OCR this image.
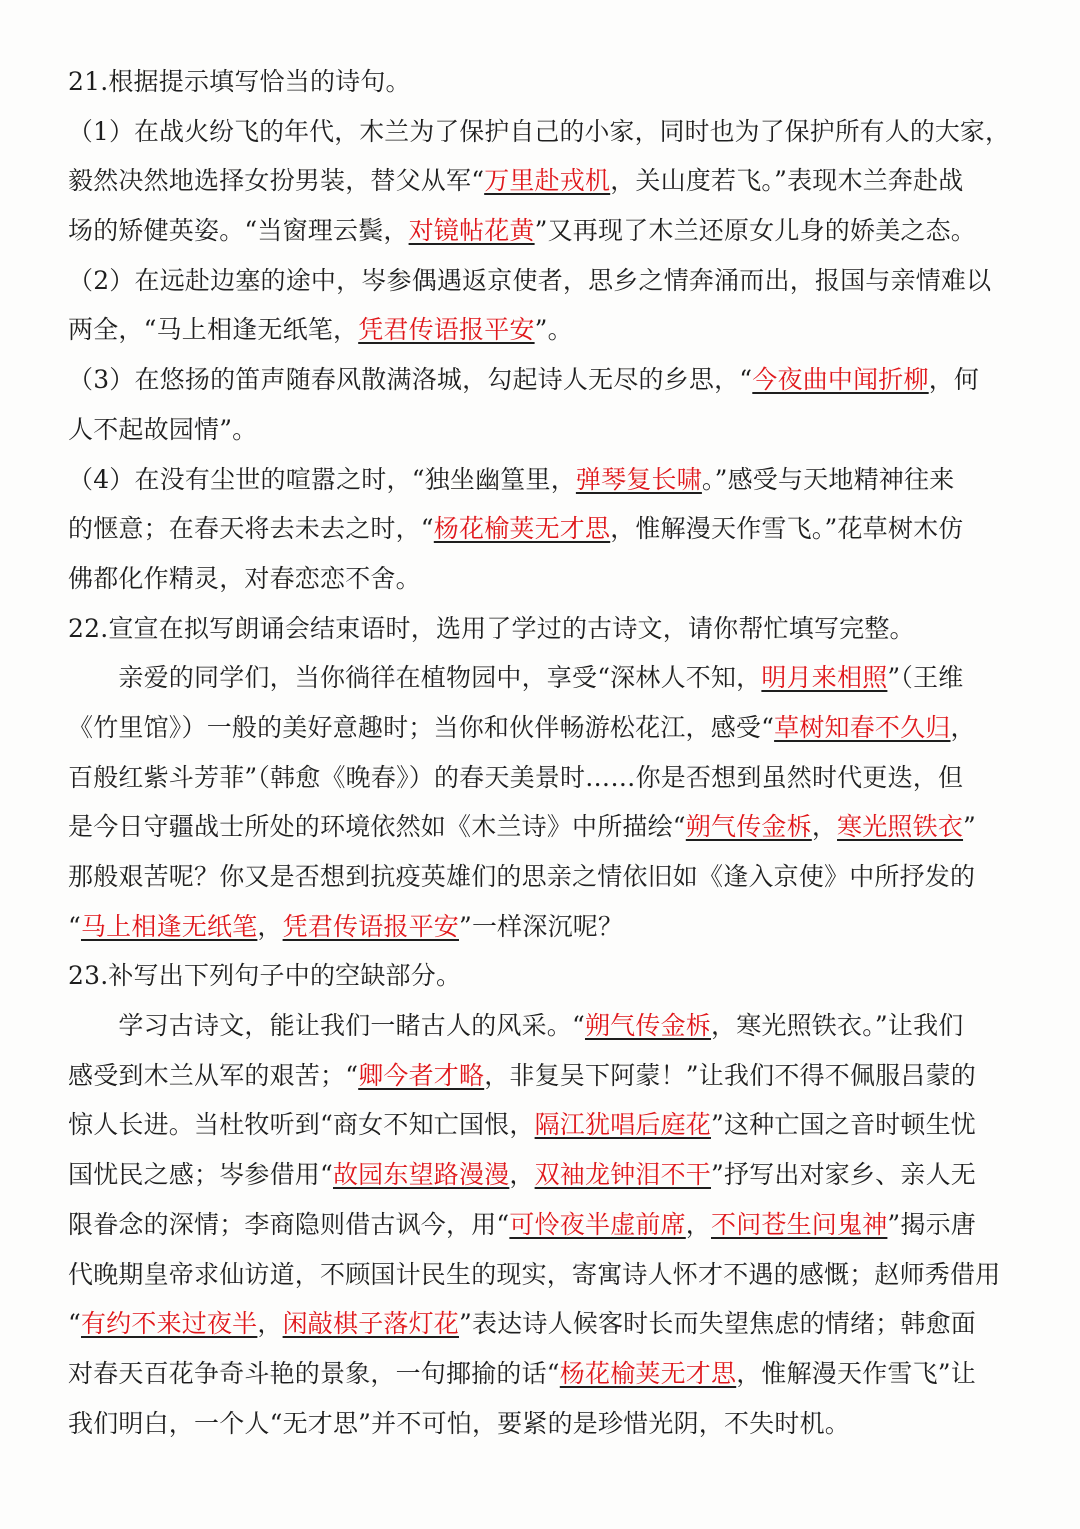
21.根据提示填写恰当的诗句。
（1）在战火纷飞的年代，木兰为了保护自己的小家，同时也为了保护所有人的大家，
毅然决然地选择女扮男装，替父从军“万里赴戎机，关山度若飞。”表现木兰奔赴战
场的矫健英姿。“当窗理云鬓，对镜帖花黄”又再现了木兰还原女儿身的娇美之态。
（2）在远赴边塞的途中，岑参偶遇返京使者，思乡之情奔涌而出，报国与亲情难以
两全，“马上相逢无纸笔，凭君传语报平安”。
（3）在悠扬的笛声随春风散满洛城，勾起诗人无尽的乡思，“今夜曲中闻折柳，何
人不起故园情”。
（4）在没有尘世的喧嚣之时，“独坐幽篁里，弹琴复长啸。”感受与天地精神往来
的惬意；在春天将去未去之时，“杨花榆荚无才思，惟解漫天作雪飞。”花草树木仿
佛都化作精灵，对春恋恋不舍。
22.宣宣在拟写朗诵会结束语时，选用了学过的古诗文，请你帮忙填写完整。
　　亲爱的同学们，当你徜徉在植物园中，享受“深林人不知，明月来相照”（王维
《竹里馆》）一般的美好意趣时；当你和伙伴畅游松花江，感受“草树知春不久归，
百般红紫斗芳菲”（韩愈《晚春》）的春天美景时……你是否想到虽然时代更迭，但
是今日守疆战士所处的环境依然如《木兰诗》中所描绘“朔气传金柝，寒光照铁衣”
那般艰苦呢？你又是否想到抗疫英雄们的思亲之情依旧如《逢入京使》中所抒发的
“马上相逢无纸笔，凭君传语报平安”一样深沉呢？
23.补写出下列句子中的空缺部分。
　　学习古诗文，能让我们一睹古人的风采。“朔气传金柝，寒光照铁衣。”让我们
感受到木兰从军的艰苦；“卿今者才略，非复吴下阿蒙！”让我们不得不佩服吕蒙的
惊人长进。当杜牧听到“商女不知亡国恨，隔江犹唱后庭花”这种亡国之音时顿生忧
国忧民之感；岑参借用“故园东望路漫漫，双袖龙钟泪不干”抒写出对家乡、亲人无
限眷念的深情；李商隐则借古讽今，用“可怜夜半虚前席，不问苍生问鬼神”揭示唐
代晚期皇帝求仙访道，不顾国计民生的现实，寄寓诗人怀才不遇的感慨；赵师秀借用
“有约不来过夜半，闲敲棋子落灯花”表达诗人候客时长而失望焦虑的情绪；韩愈面
对春天百花争奇斗艳的景象，一句揶揄的话“杨花榆荚无才思，惟解漫天作雪飞”让
我们明白，一个人“无才思”并不可怕，要紧的是珍惜光阴，不失时机。
